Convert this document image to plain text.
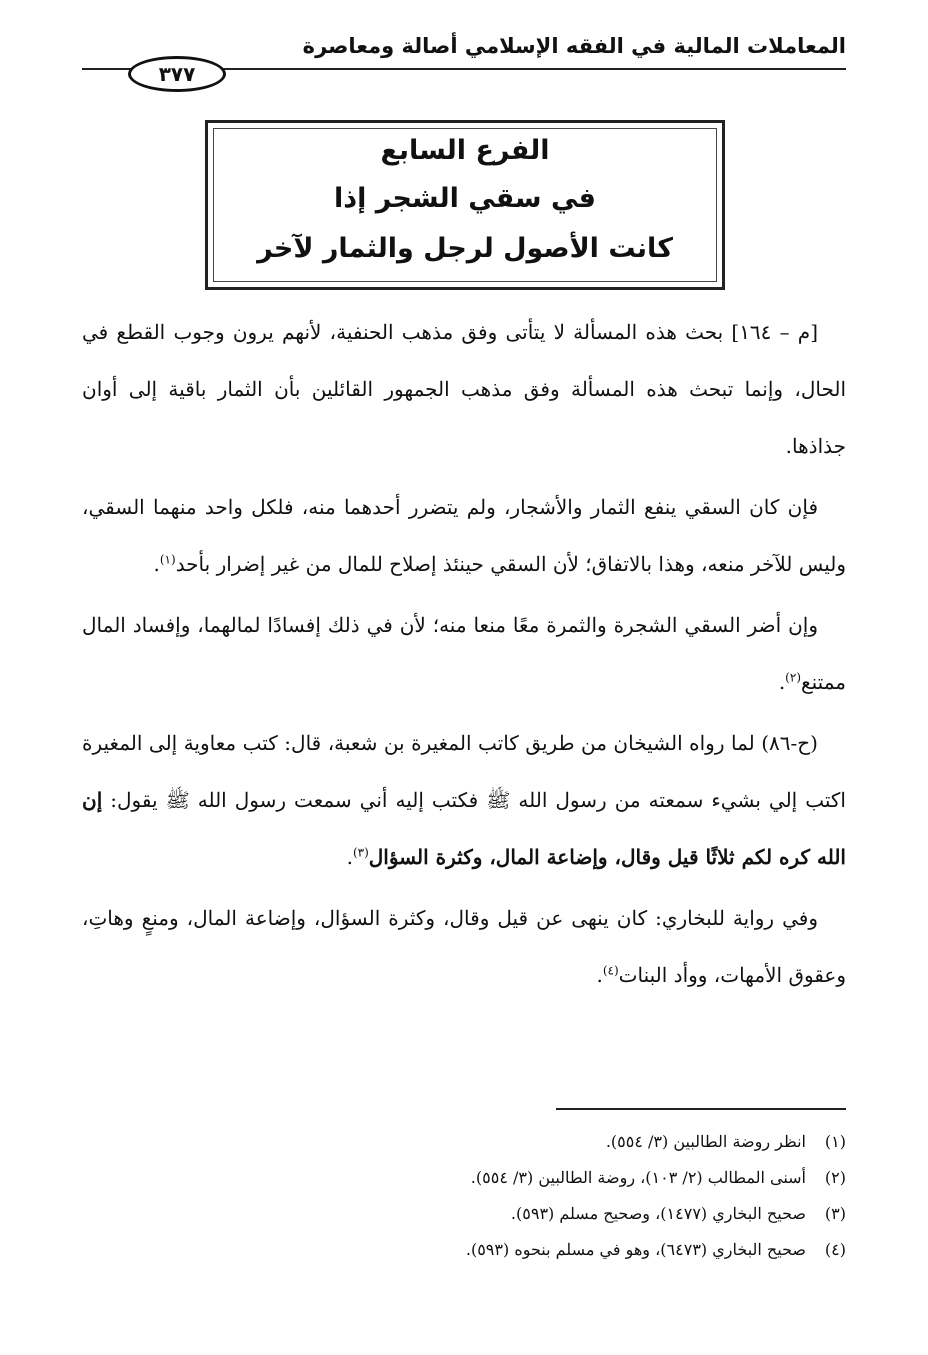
المعاملات المالية في الفقه الإسلامي أصالة ومعاصرة
٣٧٧
الفرع السابع
في سقي الشجر إذا
كانت الأصول لرجل والثمار لآخر

[م – ١٦٤] بحث هذه المسألة لا يتأتى وفق مذهب الحنفية، لأنهم يرون وجوب القطع في الحال، وإنما تبحث هذه المسألة وفق مذهب الجمهور القائلين بأن الثمار باقية إلى أوان جذاذها.

فإن كان السقي ينفع الثمار والأشجار، ولم يتضرر أحدهما منه، فلكل واحد منهما السقي، وليس للآخر منعه، وهذا بالاتفاق؛ لأن السقي حينئذ إصلاح للمال من غير إضرار بأحد$^{(١)}$.

وإن أضر السقي الشجرة والثمرة معًا منعا منه؛ لأن في ذلك إفسادًا لمالهما، وإفساد المال ممتنع$^{(٢)}$.

(ح-٨٦) لما رواه الشيخان من طريق كاتب المغيرة بن شعبة، قال: كتب معاوية إلى المغيرة اكتب إلي بشيء سمعته من رسول الله ﷺ فكتب إليه أني سمعت رسول الله ﷺ يقول: إن الله كره لكم ثلاثًا قيل وقال، وإضاعة المال، وكثرة السؤال$^{(٣)}$.

وفي رواية للبخاري: كان ينهى عن قيل وقال، وكثرة السؤال، وإضاعة المال، ومنعٍ وهاتِ، وعقوق الأمهات، ووأد البنات$^{(٤)}$.

(١)انظر روضة الطالبين (٣/ ٥٥٤).

(٢)أسنى المطالب (٢/ ١٠٣)، روضة الطالبين (٣/ ٥٥٤).

(٣)صحيح البخاري (١٤٧٧)، وصحيح مسلم (٥٩٣).

(٤)صحيح البخاري (٦٤٧٣)، وهو في مسلم بنحوه (٥٩٣).
